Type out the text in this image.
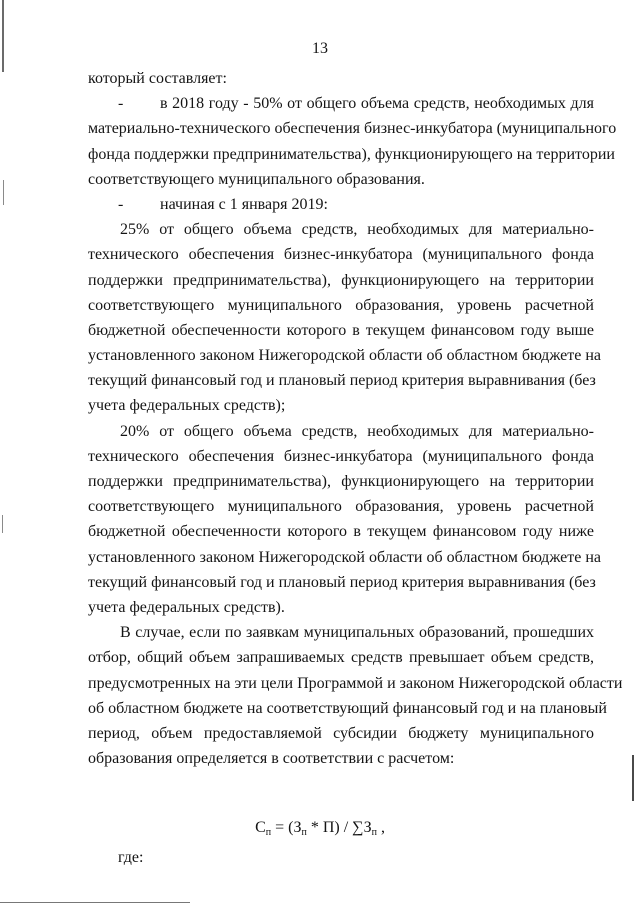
13
который составляет:
- в 2018 году - 50% от общего объема средств, необходимых для
материально-технического обеспечения бизнес-инкубатора (муниципального
фонда поддержки предпринимательства), функционирующего на территории
соответствующего муниципального образования.
- начиная с 1 января 2019:
25% от общего объема средств, необходимых для материально-
технического обеспечения бизнес-инкубатора (муниципального фонда
поддержки предпринимательства), функционирующего на территории
соответствующего муниципального образования, уровень расчетной
бюджетной обеспеченности которого в текущем финансовом году выше
установленного законом Нижегородской области об областном бюджете на
текущий финансовый год и плановый период критерия выравнивания (без
учета федеральных средств);
20% от общего объема средств, необходимых для материально-
технического обеспечения бизнес-инкубатора (муниципального фонда
поддержки предпринимательства), функционирующего на территории
соответствующего муниципального образования, уровень расчетной
бюджетной обеспеченности которого в текущем финансовом году ниже
установленного законом Нижегородской области об областном бюджете на
текущий финансовый год и плановый период критерия выравнивания (без
учета федеральных средств).
В случае, если по заявкам муниципальных образований, прошедших
отбор, общий объем запрашиваемых средств превышает объем средств,
предусмотренных на эти цели Программой и законом Нижегородской области
об областном бюджете на соответствующий финансовый год и на плановый
период, объем предоставляемой субсидии бюджету муниципального
образования определяется в соответствии с расчетом:
$С_п = (З_п * П) / \sum З_п$ ,
где:
